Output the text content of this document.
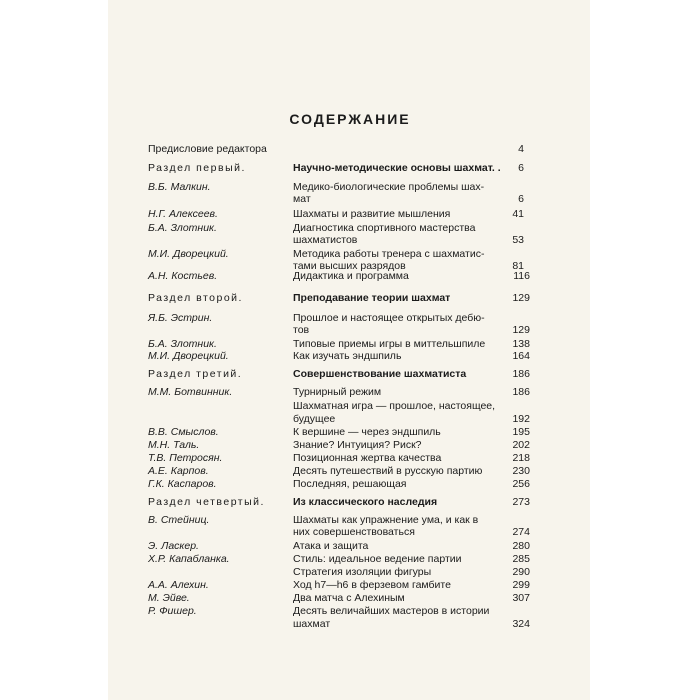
СОДЕРЖАНИЕ
Предисловие редактора	4
Раздел первый.	Научно-методические основы шахмат. . 6
В.Б. Малкин.	Медико-биологические проблемы шах-
мат	6
Н.Г. Алексеев.	Шахматы и развитие мышления	41
Б.А. Злотник.	Диагностика спортивного мастерства
шахматистов	53
М.И. Дворецкий.	Методика работы тренера с шахматис-
тами высших разрядов	81
А.Н. Костьев.	Дидактика и программа	116
Раздел второй.	Преподавание теории шахмат	129
Я.Б. Эстрин.	Прошлое и настоящее открытых дебю-
тов	129
Б.А. Злотник.	Типовые приемы игры в миттельшпиле	138
М.И. Дворецкий.	Как изучать эндшпиль	164
Раздел третий.	Совершенствование шахматиста	186
М.М. Ботвинник.	Турнирный режим	186
Шахматная игра — прошлое, настоящее,
будущее	192
В.В. Смыслов.	К вершине — через эндшпиль	195
М.Н. Таль.	Знание? Интуиция? Риск?	202
Т.В. Петросян.	Позиционная жертва качества	218
А.Е. Карпов.	Десять путешествий в русскую партию	230
Г.К. Каспаров.	Последняя, решающая	256
Раздел четвертый.	Из классического наследия	273
В. Стейниц.	Шахматы как упражнение ума, и как в
них совершенствоваться	274
Э. Ласкер.	Атака и защита	280
Х.Р. Капабланка.	Стиль: идеальное ведение партии	285
Стратегия изоляции фигуры	290
А.А. Алехин.	Ход h7—h6 в ферзевом гамбите	299
М. Эйве.	Два матча с Алехиным	307
Р. Фишер.	Десять величайших мастеров в истории
шахмат	324
